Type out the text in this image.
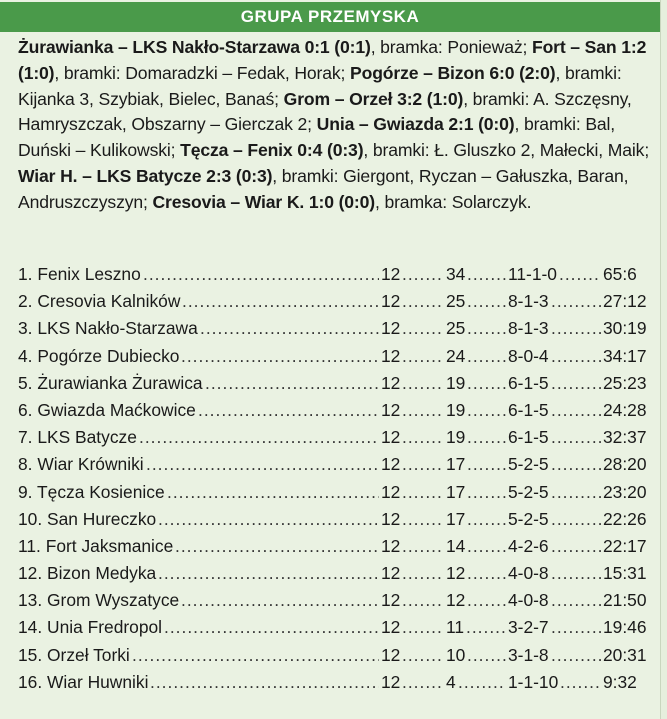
GRUPA PRZEMYSKA
Żurawianka – LKS Nakło-Starzawa 0:1 (0:1), bramka: Ponieważ; Fort – San 1:2 (1:0), bramki: Domaradzki – Fedak, Horak; Pogórze – Bizon 6:0 (2:0), bramki: Kijanka 3, Szybiak, Bielec, Banaś; Grom – Orzeł 3:2 (1:0), bramki: A. Szczęsny, Hamryszczak, Obszarny – Gierczak 2; Unia – Gwiazda 2:1 (0:0), bramki: Bal, Duński – Kulikowski; Tęcza – Fenix 0:4 (0:3), bramki: Ł. Gluszko 2, Małecki, Maik; Wiar H. – LKS Batycze 2:3 (0:3), bramki: Giergont, Ryczan – Gałuszka, Baran, Andruszczyszyn; Cresovia – Wiar K. 1:0 (0:0), bramka: Solarczyk.
1. Fenix Leszno	12	34 11-1-0	65:6
.....
.....
.....
.....
2. Cresovia Kalników	12	25 8-1-3	27:12
.....
.....
.....
.....
3. LKS Nakło-Starzawa	12	25 8-1-3	30:19
.....
.....
.....
.....
4. Pogórze Dubiecko	12	24 8-0-4	34:17
.....
.....
.....
.....
5. Żurawianka Żurawica	12	19 6-1-5	25:23
.....
.....
.....
.....
6. Gwiazda Maćkowice	12	19 6-1-5	24:28
.....
.....
.....
.....
7. LKS Batycze	12	19 6-1-5	32:37
.....
.....
.....
.....
8. Wiar Krówniki	12	17 5-2-5	28:20
.....
.....
.....
.....
9. Tęcza Kosienice	12	17 5-2-5	23:20
.....
.....
.....
.....
10. San Hureczko	12	17 5-2-5	22:26
.....
.....
.....
.....
11. Fort Jaksmanice	12	14 4-2-6	22:17
.....
.....
.....
.....
12. Bizon Medyka	12	12 4-0-8	15:31
.....
.....
.....
.....
13. Grom Wyszatyce	12	12 4-0-8	21:50
.....
.....
.....
.....
14. Unia Fredropol	12	11	3-2-7	19:46
.....
.....
.....
.....
15. Orzeł Torki	12	10 3-1-8	20:31
.....
.....
.....
.....
16. Wiar Huwniki	12	4	1-1-10	9:32
.....
.....
.....
.....
